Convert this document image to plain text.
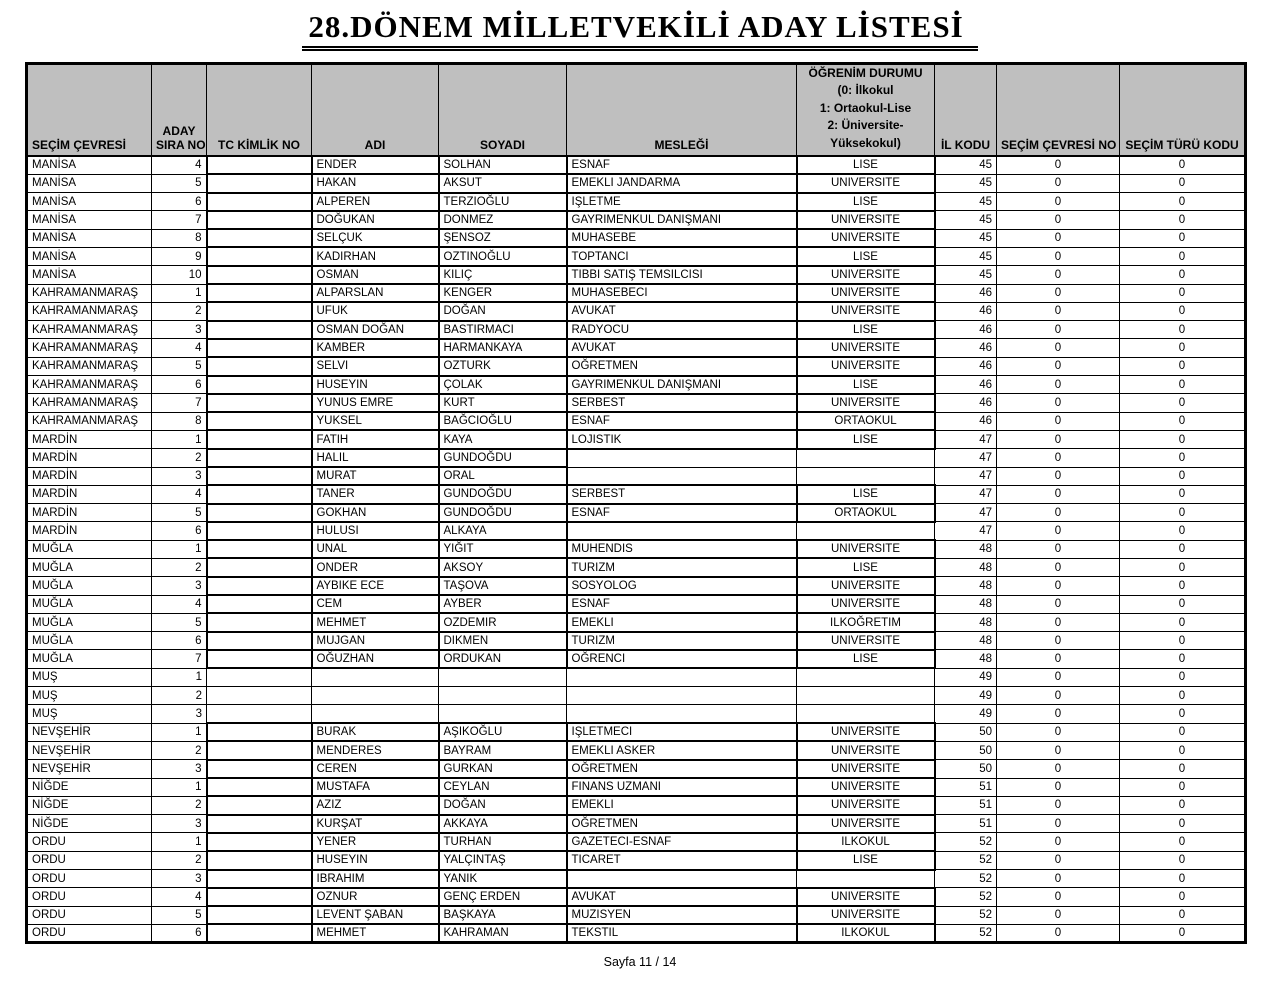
28.DÖNEM MİLLETVEKİLİ ADAY LİSTESİ
SEÇİM ÇEVRESİ	
ADAY
SIRA NO	TC KİMLİK NO	ADI	SOYADI	MESLEĞİ	
ÖĞRENİM DURUMU
(0: İlkokul
1: Ortaokul-Lise
2: Üniversite-
Yüksekokul)	İL KODU	SEÇİM ÇEVRESİ NO	SEÇİM TÜRÜ KODU
MANİSA	4		ENDER	SOLHAN	ESNAF	LISE	45	0	0
MANİSA	5		HAKAN	AKSUT	EMEKLI JANDARMA	UNIVERSITE	45	0	0
MANİSA	6		ALPEREN	TERZIOĞLU	IŞLETME	LISE	45	0	0
MANİSA	7		DOĞUKAN	DONMEZ	GAYRIMENKUL DANIŞMANI	UNIVERSITE	45	0	0
MANİSA	8		SELÇUK	ŞENSOZ	MUHASEBE	UNIVERSITE	45	0	0
MANİSA	9		KADIRHAN	OZTINOĞLU	TOPTANCI	LISE	45	0	0
MANİSA	10		OSMAN	KILIÇ	TIBBI SATIŞ TEMSILCISI	UNIVERSITE	45	0	0
KAHRAMANMARAŞ	1		ALPARSLAN	KENGER	MUHASEBECI	UNIVERSITE	46	0	0
KAHRAMANMARAŞ	2		UFUK	DOĞAN	AVUKAT	UNIVERSITE	46	0	0
KAHRAMANMARAŞ	3		OSMAN DOĞAN	BASTIRMACI	RADYOCU	LISE	46	0	0
KAHRAMANMARAŞ	4		KAMBER	HARMANKAYA	AVUKAT	UNIVERSITE	46	0	0
KAHRAMANMARAŞ	5		SELVI	OZTURK	OĞRETMEN	UNIVERSITE	46	0	0
KAHRAMANMARAŞ	6		HUSEYIN	ÇOLAK	GAYRIMENKUL DANIŞMANI	LISE	46	0	0
KAHRAMANMARAŞ	7		YUNUS EMRE	KURT	SERBEST	UNIVERSITE	46	0	0
KAHRAMANMARAŞ	8		YUKSEL	BAĞCIOĞLU	ESNAF	ORTAOKUL	46	0	0
MARDİN	1		FATIH	KAYA	LOJISTIK	LISE	47	0	0
MARDİN	2		HALIL	GUNDOĞDU			47	0	0
MARDİN	3		MURAT	ORAL			47	0	0
MARDİN	4		TANER	GUNDOĞDU	SERBEST	LISE	47	0	0
MARDİN	5		GOKHAN	GUNDOĞDU	ESNAF	ORTAOKUL	47	0	0
MARDİN	6		HULUSI	ALKAYA			47	0	0
MUĞLA	1		UNAL	YIĞIT	MUHENDIS	UNIVERSITE	48	0	0
MUĞLA	2		ONDER	AKSOY	TURIZM	LISE	48	0	0
MUĞLA	3		AYBIKE ECE	TAŞOVA	SOSYOLOG	UNIVERSITE	48	0	0
MUĞLA	4		CEM	AYBER	ESNAF	UNIVERSITE	48	0	0
MUĞLA	5		MEHMET	OZDEMIR	EMEKLI	ILKOĞRETIM	48	0	0
MUĞLA	6		MUJGAN	DIKMEN	TURIZM	UNIVERSITE	48	0	0
MUĞLA	7		OĞUZHAN	ORDUKAN	OĞRENCI	LISE	48	0	0
MUŞ	1						49	0	0
MUŞ	2						49	0	0
MUŞ	3						49	0	0
NEVŞEHİR	1		BURAK	AŞIKOĞLU	IŞLETMECI	UNIVERSITE	50	0	0
NEVŞEHİR	2		MENDERES	BAYRAM	EMEKLI ASKER	UNIVERSITE	50	0	0
NEVŞEHİR	3		CEREN	GURKAN	OĞRETMEN	UNIVERSITE	50	0	0
NİĞDE	1		MUSTAFA	CEYLAN	FINANS UZMANI	UNIVERSITE	51	0	0
NİĞDE	2		AZIZ	DOĞAN	EMEKLI	UNIVERSITE	51	0	0
NİĞDE	3		KURŞAT	AKKAYA	OĞRETMEN	UNIVERSITE	51	0	0
ORDU	1		YENER	TURHAN	GAZETECI-ESNAF	ILKOKUL	52	0	0
ORDU	2		HUSEYIN	YALÇINTAŞ	TICARET	LISE	52	0	0
ORDU	3		IBRAHIM	YANIK			52	0	0
ORDU	4		OZNUR	GENÇ ERDEN	AVUKAT	UNIVERSITE	52	0	0
ORDU	5		LEVENT ŞABAN	BAŞKAYA	MUZISYEN	UNIVERSITE	52	0	0
ORDU	6		MEHMET	KAHRAMAN	TEKSTIL	ILKOKUL	52	0	0
Sayfa 11 / 14
